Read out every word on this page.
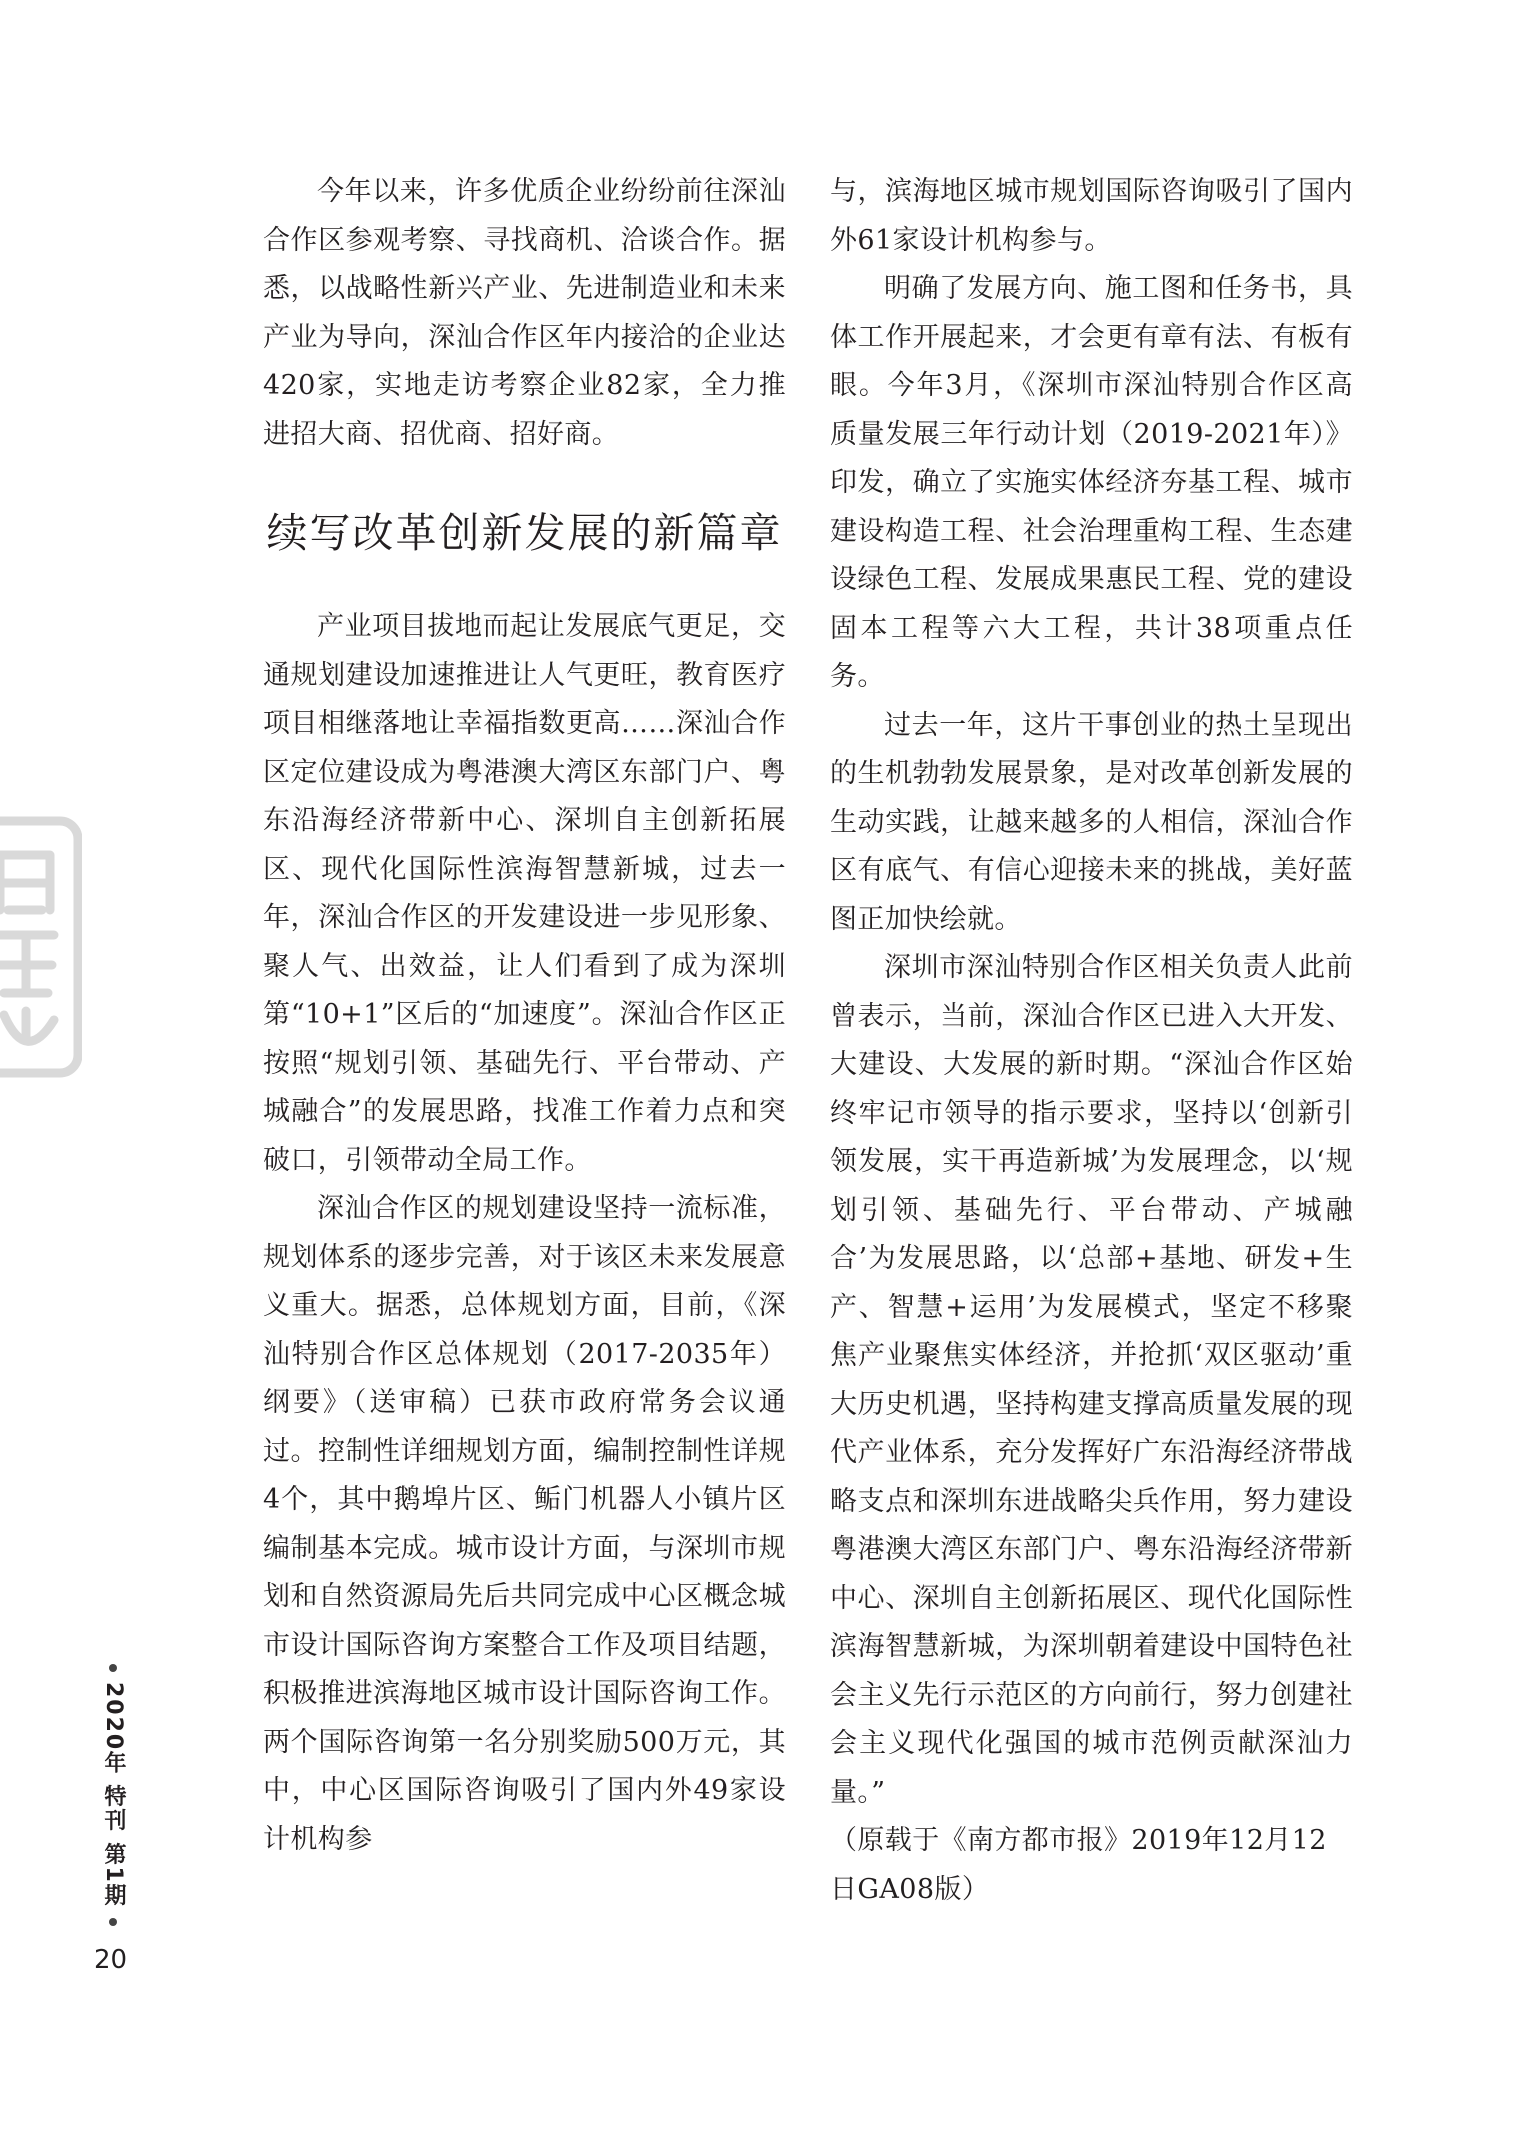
今年以来，许多优质企业纷纷前往深汕合作区参观考察、寻找商机、洽谈合作。据悉，以战略性新兴产业、先进制造业和未来产业为导向，深汕合作区年内接洽的企业达420家，实地走访考察企业82家，全力推进招大商、招优商、招好商。

续写改革创新发展的新篇章

产业项目拔地而起让发展底气更足，交通规划建设加速推进让人气更旺，教育医疗项目相继落地让幸福指数更高……深汕合作区定位建设成为粤港澳大湾区东部门户、粤东沿海经济带新中心、深圳自主创新拓展区、现代化国际性滨海智慧新城，过去一年，深汕合作区的开发建设进一步见形象、聚人气、出效益，让人们看到了成为深圳第“10+1”区后的“加速度”。深汕合作区正按照“规划引领、基础先行、平台带动、产城融合”的发展思路，找准工作着力点和突破口，引领带动全局工作。

深汕合作区的规划建设坚持一流标准，规划体系的逐步完善，对于该区未来发展意义重大。据悉，总体规划方面，目前，《深汕特别合作区总体规划（2017-2035年）纲要》（送审稿）已获市政府常务会议通过。控制性详细规划方面，编制控制性详规4个，其中鹅埠片区、鲘门机器人小镇片区编制基本完成。城市设计方面，与深圳市规划和自然资源局先后共同完成中心区概念城市设计国际咨询方案整合工作及项目结题，积极推进滨海地区城市设计国际咨询工作。两个国际咨询第一名分别奖励500万元，其中，中心区国际咨询吸引了国内外49家设计机构参

与，滨海地区城市规划国际咨询吸引了国内外61家设计机构参与。

明确了发展方向、施工图和任务书，具体工作开展起来，才会更有章有法、有板有眼。今年3月，《深圳市深汕特别合作区高质量发展三年行动计划（2019-2021年）》印发，确立了实施实体经济夯基工程、城市建设构造工程、社会治理重构工程、生态建设绿色工程、发展成果惠民工程、党的建设固本工程等六大工程，共计38项重点任务。

过去一年，这片干事创业的热土呈现出的生机勃勃发展景象，是对改革创新发展的生动实践，让越来越多的人相信，深汕合作区有底气、有信心迎接未来的挑战，美好蓝图正加快绘就。

深圳市深汕特别合作区相关负责人此前曾表示，当前，深汕合作区已进入大开发、大建设、大发展的新时期。“深汕合作区始终牢记市领导的指示要求，坚持以‘创新引领发展，实干再造新城’为发展理念，以‘规划引领、基础先行、平台带动、产城融合’为发展思路，以‘总部+基地、研发+生产、智慧+运用’为发展模式，坚定不移聚焦产业聚焦实体经济，并抢抓‘双区驱动’重大历史机遇，坚持构建支撑高质量发展的现代产业体系，充分发挥好广东沿海经济带战略支点和深圳东进战略尖兵作用，努力建设粤港澳大湾区东部门户、粤东沿海经济带新中心、深圳自主创新拓展区、现代化国际性滨海智慧新城，为深圳朝着建设中国特色社会主义先行示范区的方向前行，努力创建社会主义现代化强国的城市范例贡献深汕力量。”

（原载于《南方都市报》2019年12月12日GA08版）

2020年 特刊 第1期
20
